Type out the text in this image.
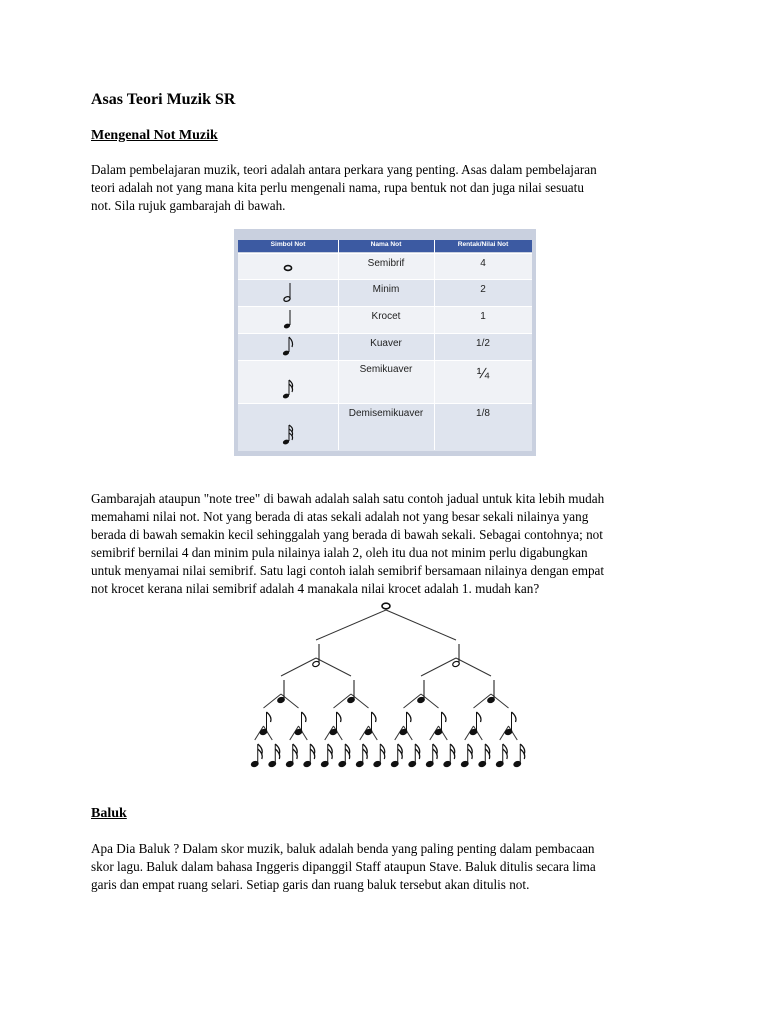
Asas Teori Muzik SR
Mengenal Not Muzik

Dalam pembelajaran muzik, teori adalah antara perkara yang penting. Asas dalam pembelajaran

teori adalah not yang mana kita perlu mengenali nama, rupa bentuk not dan juga nilai sesuatu

not. Sila rujuk gambarajah di bawah.

Simbol Not	Nama Not	Rentak/Nilai Not
Semibrif	4
Minim	2
Krocet	1
Kuaver	1/2
Semikuaver	¼
Demisemikuaver	1/8

Gambarajah ataupun "note tree" di bawah adalah salah satu contoh jadual untuk kita lebih mudah

memahami nilai not. Not yang berada di atas sekali adalah not yang besar sekali nilainya yang

berada di bawah semakin kecil sehinggalah yang berada di bawah sekali. Sebagai contohnya; not

semibrif bernilai 4 dan minim pula nilainya ialah 2, oleh itu dua not minim perlu digabungkan

untuk menyamai nilai semibrif. Satu lagi contoh ialah semibrif bersamaan nilainya dengan empat

not krocet kerana nilai semibrif adalah 4 manakala nilai krocet adalah 1. mudah kan?

Baluk

Apa Dia Baluk ? Dalam skor muzik, baluk adalah benda yang paling penting dalam pembacaan

skor lagu. Baluk dalam bahasa Inggeris dipanggil Staff ataupun Stave. Baluk ditulis secara lima

garis dan empat ruang selari. Setiap garis dan ruang baluk tersebut akan ditulis not.
